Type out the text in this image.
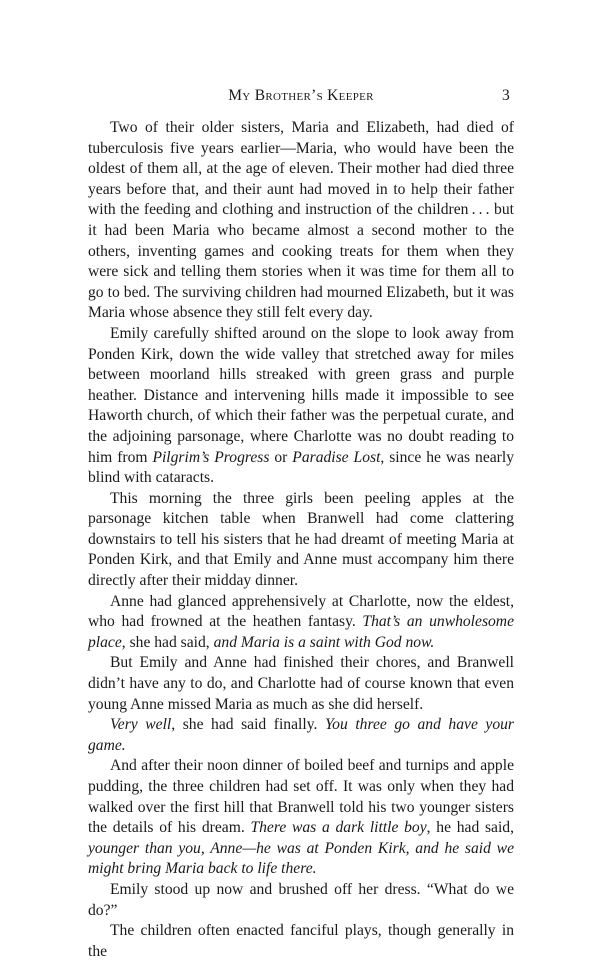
My Brother’s Keeper	3

Two of their older sisters, Maria and Elizabeth, had died of tuberculosis five years earlier—Maria, who would have been the oldest of them all, at the age of eleven. Their mother had died three years before that, and their aunt had moved in to help their father with the feeding and clothing and instruction of the children . . . but it had been Maria who became almost a second mother to the others, inventing games and cooking treats for them when they were sick and telling them stories when it was time for them all to go to bed. The surviving children had mourned Elizabeth, but it was Maria whose absence they still felt every day.

Emily carefully shifted around on the slope to look away from Ponden Kirk, down the wide valley that stretched away for miles between moorland hills streaked with green grass and purple heather. Distance and intervening hills made it impossible to see Haworth church, of which their father was the perpetual curate, and the adjoining parsonage, where Charlotte was no doubt reading to him from Pilgrim’s Progress or Paradise Lost, since he was nearly blind with cataracts.

This morning the three girls been peeling apples at the parsonage kitchen table when Branwell had come clattering downstairs to tell his sisters that he had dreamt of meeting Maria at Ponden Kirk, and that Emily and Anne must accompany him there directly after their midday dinner.

Anne had glanced apprehensively at Charlotte, now the eldest, who had frowned at the heathen fantasy. That’s an unwholesome place, she had said, and Maria is a saint with God now.

But Emily and Anne had finished their chores, and Branwell didn’t have any to do, and Charlotte had of course known that even young Anne missed Maria as much as she did herself.

Very well, she had said finally. You three go and have your game.

And after their noon dinner of boiled beef and turnips and apple pudding, the three children had set off. It was only when they had walked over the first hill that Branwell told his two younger sisters the details of his dream. There was a dark little boy, he had said, younger than you, Anne—he was at Ponden Kirk, and he said we might bring Maria back to life there.

Emily stood up now and brushed off her dress. “What do we do?”

The children often enacted fanciful plays, though generally in the
